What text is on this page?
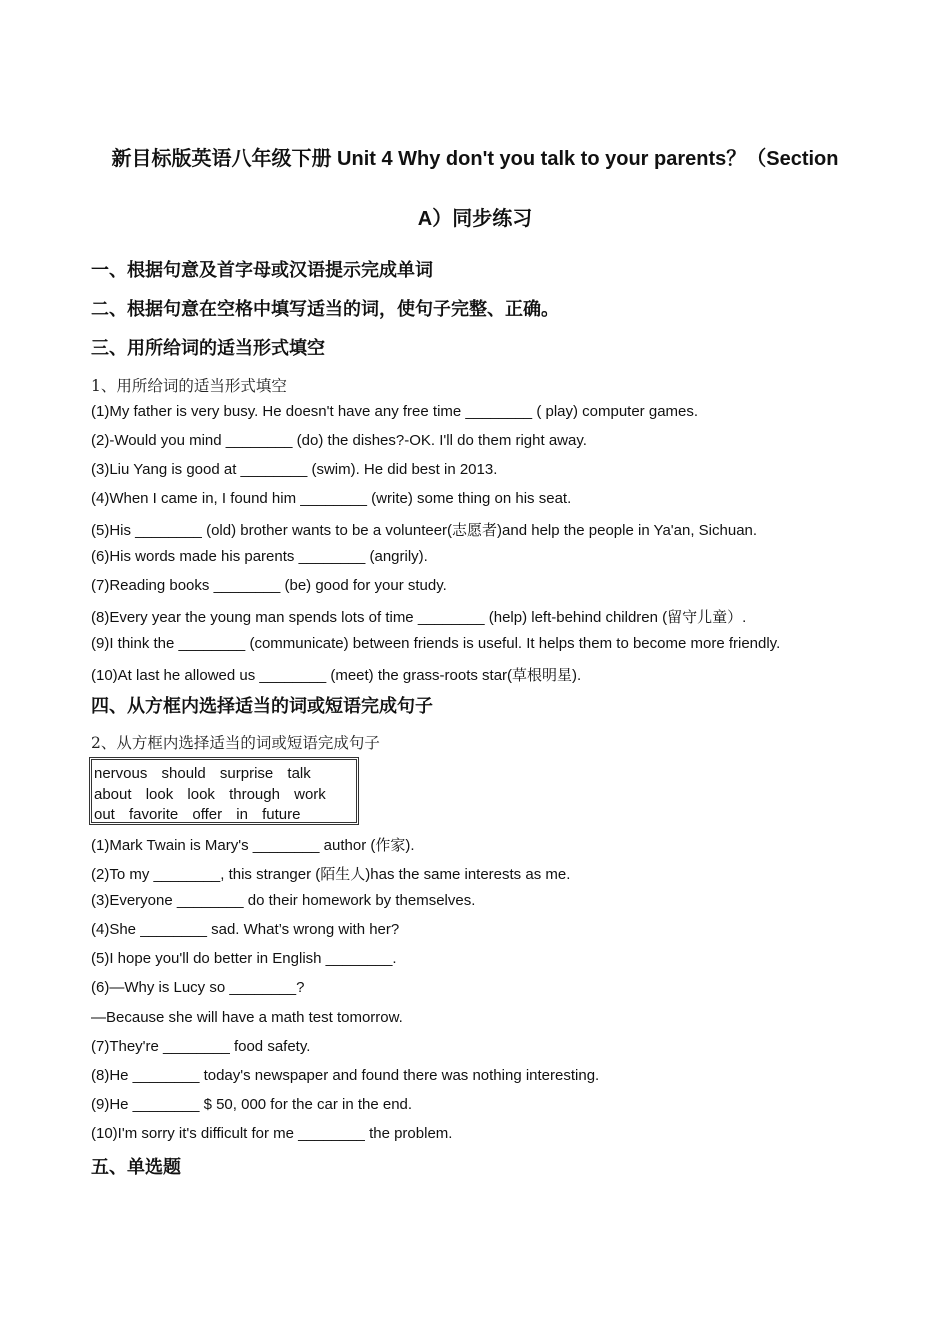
新目标版英语八年级下册 Unit 4 Why don't you talk to your parents？（Section
A）同步练习
一、根据句意及首字母或汉语提示完成单词
二、根据句意在空格中填写适当的词，使句子完整、正确。
三、用所给词的适当形式填空
1、用所给词的适当形式填空
(1)My father is very busy. He doesn't have any free time ________ ( play) computer games.
(2)-Would you mind ________ (do) the dishes?-OK. I'll do them right away.
(3)Liu Yang is good at ________ (swim). He did best in 2013.
(4)When I came in, I found him ________ (write) some thing on his seat.
(5)His ________ (old) brother wants to be a volunteer(志愿者)and help the people in Ya'an, Sichuan.
(6)His words made his parents ________ (angrily).
(7)Reading books ________ (be) good for your study.
(8)Every year the young man spends lots of time ________ (help) left-behind children (留守儿童）.
(9)I think the ________ (communicate) between friends is useful. It helps them to become more friendly.
(10)At last he allowed us ________ (meet) the grass-roots star(草根明星).
四、从方框内选择适当的词或短语完成句子
2、从方框内选择适当的词或短语完成句子
nervous should surprise talk
about look look through work
out favorite offer in future
(1)Mark Twain is Mary's ________ author (作家).
(2)To my ________, this stranger (陌生人)has the same interests as me.
(3)Everyone ________ do their homework by themselves.
(4)She ________ sad. What’s wrong with her?
(5)I hope you'll do better in English ________.
(6)—Why is Lucy so ________?
—Because she will have a math test tomorrow.
(7)They're ________ food safety.
(8)He ________ today's newspaper and found there was nothing interesting.
(9)He ________ $ 50, 000 for the car in the end.
(10)I'm sorry it's difficult for me ________ the problem.
五、单选题
